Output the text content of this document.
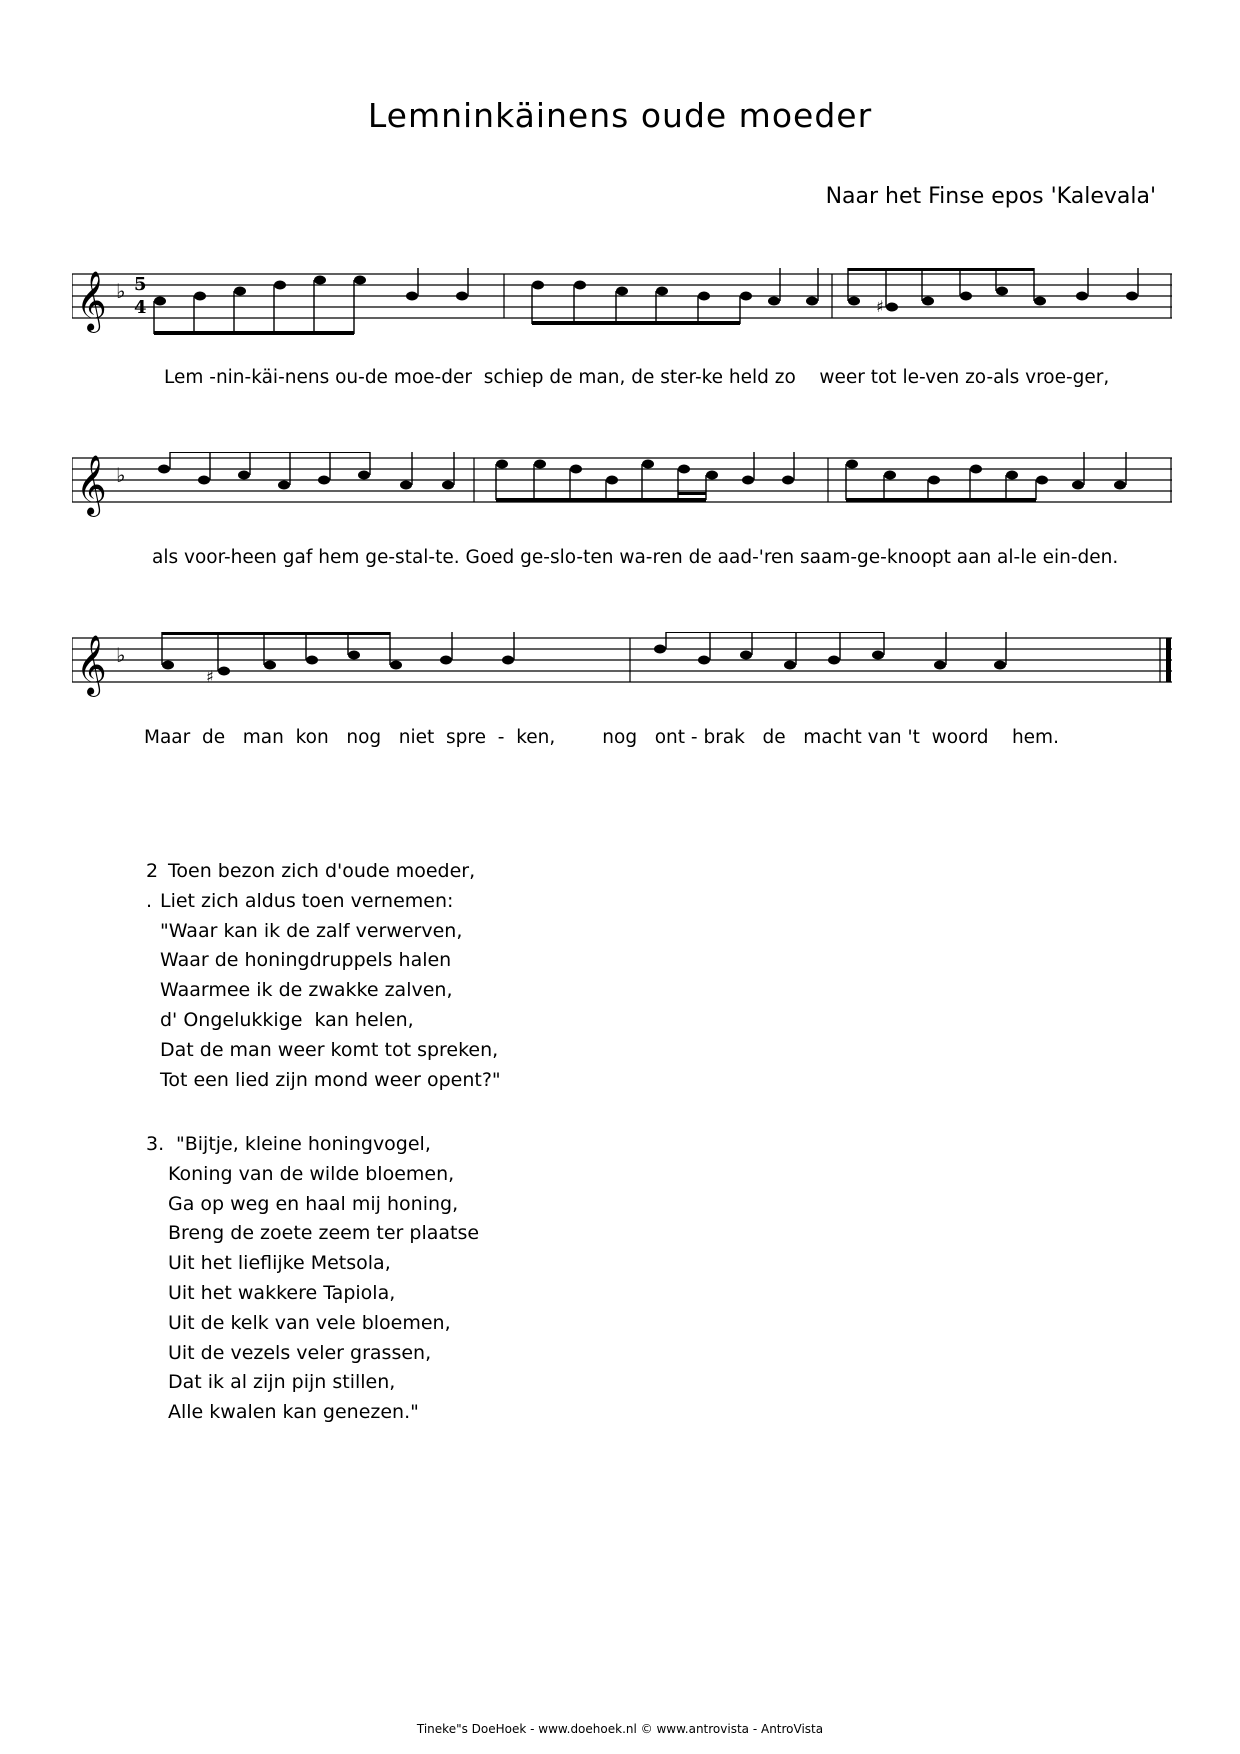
Lemninkäinens oude moeder
Naar het Finse epos 'Kalevala'
𝄞 ♭ 5
4	♯
Lem -nin-käi-nens ou-de moe-der  schiep de man, de ster-ke held zo    weer tot le-ven zo-als vroe-ger,
𝄞 ♭
als voor-heen gaf hem ge-stal-te. Goed ge-slo-ten wa-ren de aad-'ren saam-ge-knoopt aan al-le ein-den.
𝄞 ♭
♯
Maar  de   man  kon   nog   niet  spre  -  ken,        nog   ont - brak   de   macht van 't  woord    hem.
2 .
Toen bezon zich d'oude moeder,
Liet zich aldus toen vernemen:
"Waar kan ik de zalf verwerven,
Waar de honingdruppels halen
Waarmee ik de zwakke zalven,
d' Ongelukkige  kan helen,
Dat de man weer komt tot spreken,
Tot een lied zijn mond weer opent?"
3. "Bijtje, kleine honingvogel,
Koning van de wilde bloemen,
Ga op weg en haal mij honing,
Breng de zoete zeem ter plaatse
Uit het lieflijke Metsola,
Uit het wakkere Tapiola,
Uit de kelk van vele bloemen,
Uit de vezels veler grassen,
Dat ik al zijn pijn stillen,
Alle kwalen kan genezen."
Tineke"s DoeHoek - www.doehoek.nl © www.antrovista - AntroVista
